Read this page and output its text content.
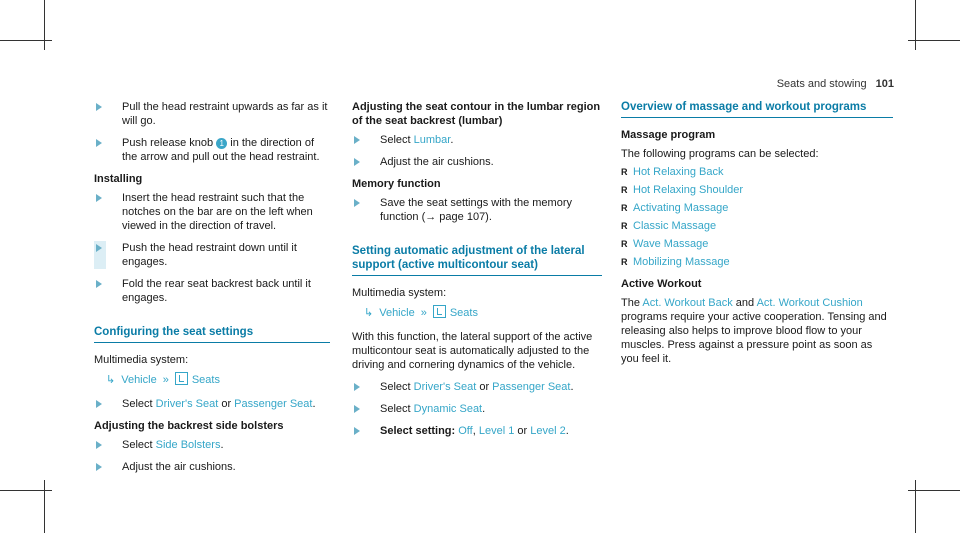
Seats and stowing 101
Pull the head restraint upwards as far as it will go.
Push release knob 1 in the direction of the arrow and pull out the head restraint.
Installing
Insert the head restraint such that the notches on the bar are on the left when viewed in the direction of travel.
Push the head restraint down until it engages.
Fold the rear seat backrest back until it engages.
Configuring the seat settings
Multimedia system:
↳ Vehicle » Seats
Select Driver's Seat or Passenger Seat.
Adjusting the backrest side bolsters
Select Side Bolsters.
Adjust the air cushions.
Adjusting the seat contour in the lumbar region of the seat backrest (lumbar)
Select Lumbar.
Adjust the air cushions.
Memory function
Save the seat settings with the memory function (→ page 107).
Setting automatic adjustment of the lateral support (active multicontour seat)
Multimedia system:
↳ Vehicle » Seats

With this function, the lateral support of the active multicontour seat is automatically adjusted to the driving and cornering dynamics of the vehicle.

Select Driver's Seat or Passenger Seat.
Select Dynamic Seat.
Select setting: Off, Level 1 or Level 2.
Overview of massage and workout programs
Massage program
The following programs can be selected:
R Hot Relaxing Back
R Hot Relaxing Shoulder
R Activating Massage
R Classic Massage
R Wave Massage
R Mobilizing Massage
Active Workout

The Act. Workout Back and Act. Workout Cushion programs require your active cooperation. Tensing and releasing also helps to improve blood flow to your muscles. Press against a pressure point as soon as you feel it.
